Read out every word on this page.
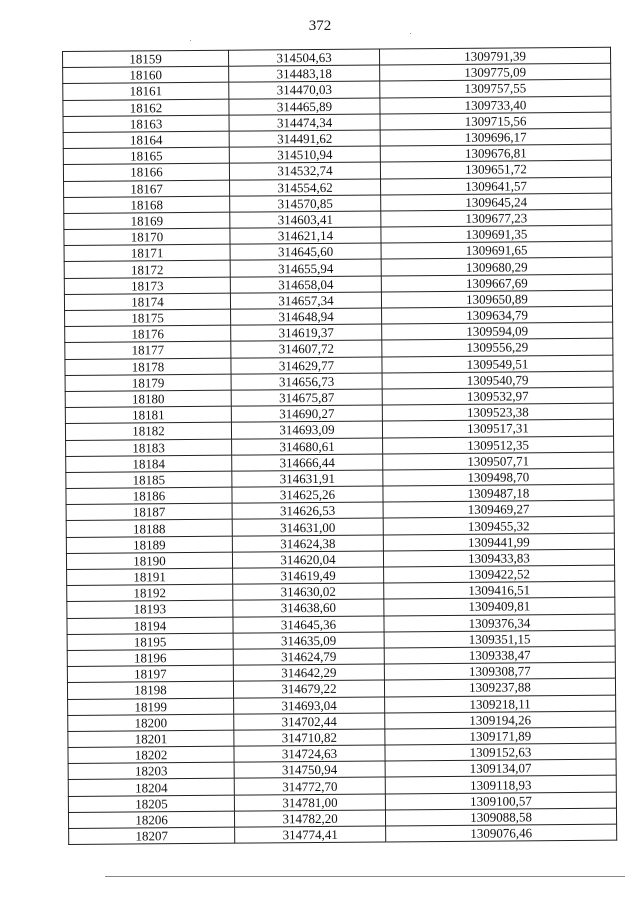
372
18159	314504,63	1309791,39
18160	314483,18	1309775,09
18161	314470,03	1309757,55
18162	314465,89	1309733,40
18163	314474,34	1309715,56
18164	314491,62	1309696,17
18165	314510,94	1309676,81
18166	314532,74	1309651,72
18167	314554,62	1309641,57
18168	314570,85	1309645,24
18169	314603,41	1309677,23
18170	314621,14	1309691,35
18171	314645,60	1309691,65
18172	314655,94	1309680,29
18173	314658,04	1309667,69
18174	314657,34	1309650,89
18175	314648,94	1309634,79
18176	314619,37	1309594,09
18177	314607,72	1309556,29
18178	314629,77	1309549,51
18179	314656,73	1309540,79
18180	314675,87	1309532,97
18181	314690,27	1309523,38
18182	314693,09	1309517,31
18183	314680,61	1309512,35
18184	314666,44	1309507,71
18185	314631,91	1309498,70
18186	314625,26	1309487,18
18187	314626,53	1309469,27
18188	314631,00	1309455,32
18189	314624,38	1309441,99
18190	314620,04	1309433,83
18191	314619,49	1309422,52
18192	314630,02	1309416,51
18193	314638,60	1309409,81
18194	314645,36	1309376,34
18195	314635,09	1309351,15
18196	314624,79	1309338,47
18197	314642,29	1309308,77
18198	314679,22	1309237,88
18199	314693,04	1309218,11
18200	314702,44	1309194,26
18201	314710,82	1309171,89
18202	314724,63	1309152,63
18203	314750,94	1309134,07
18204	314772,70	1309118,93
18205	314781,00	1309100,57
18206	314782,20	1309088,58
18207	314774,41	1309076,46
